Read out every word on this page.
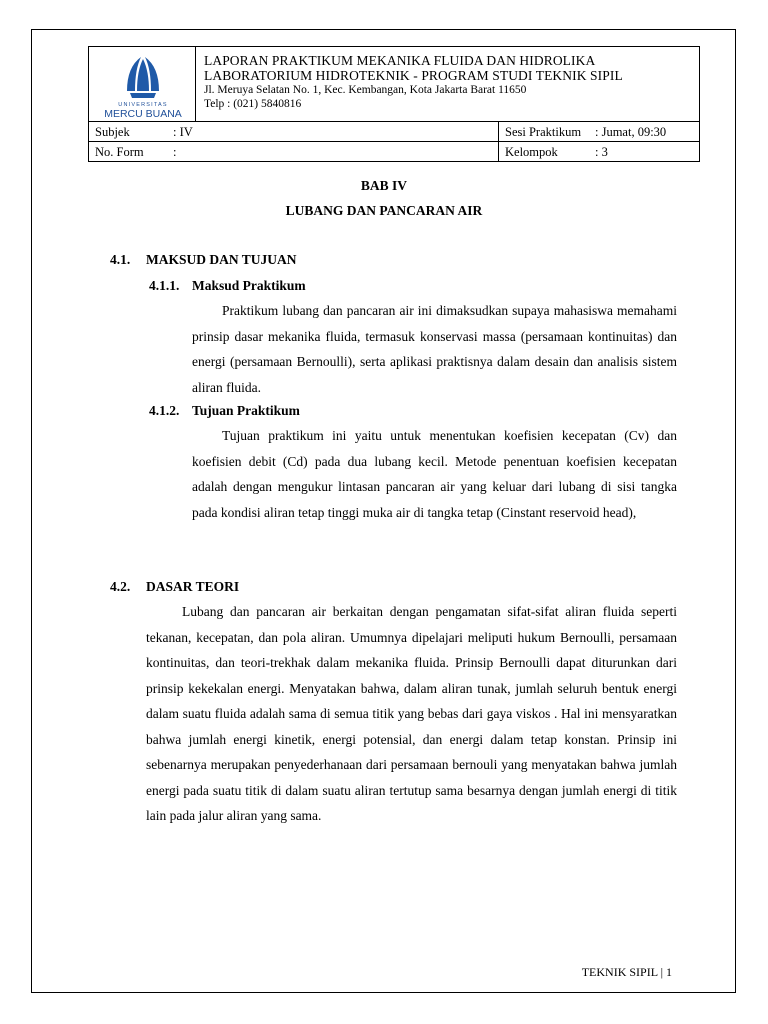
UNIVERSITAS
MERCU BUANA
LAPORAN PRAKTIKUM MEKANIKA FLUIDA DAN HIDROLIKA
LABORATORIUM HIDROTEKNIK - PROGRAM STUDI TEKNIK SIPIL
Jl. Meruya Selatan No. 1, Kec. Kembangan, Kota Jakarta Barat 11650
Telp : (021) 5840816
Subjek	: IV	Sesi Praktikum : Jumat, 09:30
No. Form :	Kelompok	: 3
BAB IV
LUBANG DAN PANCARAN AIR
4.1. MAKSUD DAN TUJUAN
4.1.1. Maksud Praktikum

Praktikum lubang dan pancaran air ini dimaksudkan supaya mahasiswa memahami prinsip dasar mekanika fluida, termasuk konservasi massa (persamaan kontinuitas) dan energi (persamaan Bernoulli), serta aplikasi praktisnya dalam desain dan analisis sistem aliran fluida.

4.1.2. Tujuan Praktikum

Tujuan praktikum ini yaitu untuk menentukan koefisien kecepatan (Cv) dan koefisien debit (Cd) pada dua lubang kecil. Metode penentuan koefisien kecepatan adalah dengan mengukur lintasan pancaran air yang keluar dari lubang di sisi tangka pada kondisi aliran tetap tinggi muka air di tangka tetap (Cinstant reservoid head),

4.2. DASAR TEORI

Lubang dan pancaran air berkaitan dengan pengamatan sifat-sifat aliran fluida seperti tekanan, kecepatan, dan pola aliran. Umumnya dipelajari meliputi hukum Bernoulli, persamaan kontinuitas, dan teori-trekhak dalam mekanika fluida. Prinsip Bernoulli dapat diturunkan dari prinsip kekekalan energi. Menyatakan bahwa, dalam aliran tunak, jumlah seluruh bentuk energi dalam suatu fluida adalah sama di semua titik yang bebas dari gaya viskos . Hal ini mensyaratkan bahwa jumlah energi kinetik, energi potensial, dan energi dalam tetap konstan. Prinsip ini sebenarnya merupakan penyederhanaan dari persamaan bernouli yang menyatakan bahwa jumlah energi pada suatu titik di dalam suatu aliran tertutup sama besarnya dengan jumlah energi di titik lain pada jalur aliran yang sama.

TEKNIK SIPIL | 1
